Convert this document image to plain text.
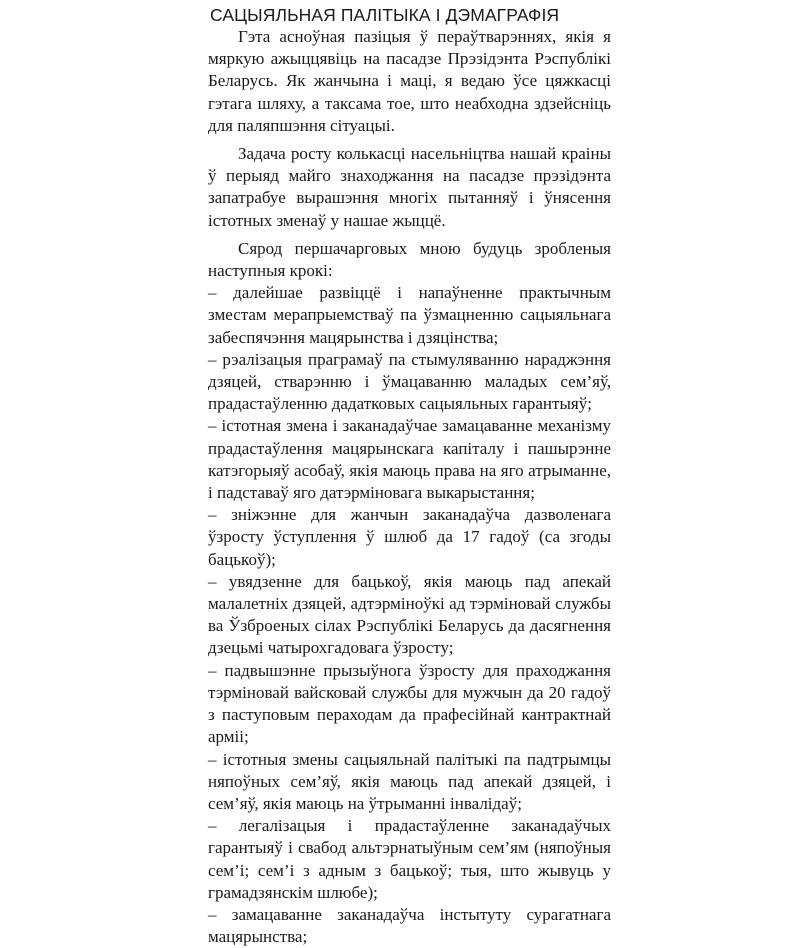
САЦЫЯЛЬНАЯ ПАЛІТЫКА І ДЭМАГРАФІЯ

Гэта асноўная пазіцыя ў пераўтварэннях, якія я мяркую ажыццявіць на пасадзе Прэзідэнта Рэспублікі Беларусь. Як жанчына і маці, я ведаю ўсе цяжкасці гэтага шляху, а таксама тое, што неабходна здзейсніць для паляпшэння сітуацыі.

Задача росту колькасці насельніцтва нашай краіны ў перыяд майго знаходжання на пасадзе прэзідэнта запатрабуе вырашэння многіх пытанняў і ўнясення істотных зменаў у нашае жыццё.

Сярод першачарговых мною будуць зробленыя наступныя крокі:

– далейшае развіццё і напаўненне практычным зместам мерапрыемстваў па ўзмацненню сацыяльнага забеспячэння мацярынства і дзяцінства;

– рэалізацыя праграмаў па стымуляванню нараджэння дзяцей, стварэнню і ўмацаванню маладых сем’яў, прадастаўленню дадатковых сацыяльных гарантыяў;

– істотная змена і заканадаўчае замацаванне механізму прадастаўлення мацярынскага капіталу і пашырэнне катэгорыяў асобаў, якія маюць права на яго атрыманне, і падставаў яго датэрмiновага выкарыстання;

– зніжэнне для жанчын заканадаўча дазволенага ўзросту ўступлення ў шлюб да 17 гадоў (са згоды бацькоў);

– увядзенне для бацькоў, якія маюць пад апекай малалетніх дзяцей, адтэрміноўкі ад тэрміновай службы ва Ўзброеных сілах Рэспублікі Беларусь да дасягнення дзецьмі чатырохгадовага ўзросту;

– падвышэнне прызыўнога ўзросту для праходжання тэрміновай вайсковай службы для мужчын да 20 гадоў з паступовым пераходам да прафесійнай кантрактнай арміі;

– істотныя змены сацыяльнай палітыкі па падтрымцы няпоўных сем’яў, якія маюць пад апекай дзяцей, і сем’яў, якія маюць на ўтрыманні інвалідаў;

– легалізацыя і прадастаўленне заканадаўчых гарантыяў і свабод альтэрнатыўным сем’ям (няпоўныя сем’і; сем’і з адным з бацькоў; тыя, што жывуць у грамадзянскім шлюбе);

– замацаванне заканадаўча інстытуту сурагатнага мацярынства;
